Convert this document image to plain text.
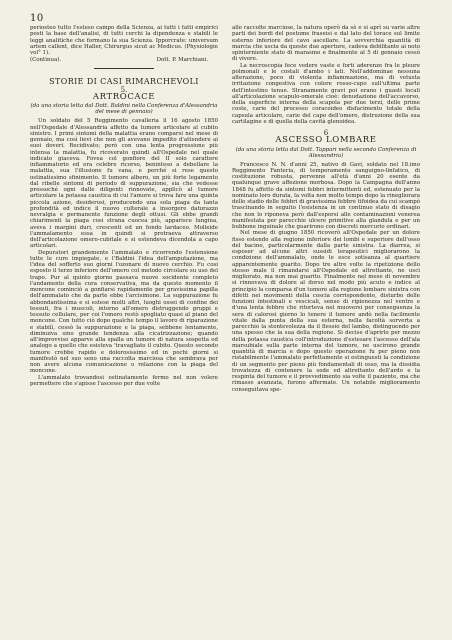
10

periosteo tutto l'esteso campo della Scienza, ai tutti i fatti empirici posti la base dell'analisi, di tutti cerchi la dipendenza e stabili le leggi analitiche che formano la sua Scienza. Ipporcrate: universum artem callent, dice Haller, Chirurgus sicut ac Medicus. (Physiologie vol° 1).

(Continua).	Dott. P. Marchiani.
STORIE DI CASI RIMARCHEVOLI
5.
ARTROCACE
(da una storia letta dal Dott. Baldini nella Conferenza d'Alessandria del mese di gennaio)

Un soldato del 5 Reggimento cavalleria il 16 agosto 1850 nell'Ospedale d'Alessandria affetto da tumore articolare al cubito sinistro. I primi sintomi della malattia erano comparsi nel mese di gennaio, ma così lievi che non gli avevano impedito d'attendere ai suoi doveri. Recidivato; però con una lenta progressione più intensa la malattia, fu ricoverato quindi all'Ospedale nel quale indicato giaceva. Fovea col gonfiore del II solo carattere infiammatorio ed era celebre ricorso, beninteso a debellare la malattia, sua l'illusione fu vana, e perché si rese questo ostinatissimo sfinimento. Il tumore albero, un più forte legamento dal ribelle sintomi di periodo di suppurazione, sia che vedesse pressoché ogni dalle diligenti rinnovate, applicò al tumore articolare la potassa caustica di cui l'amore si trova fare una quinta piccola azione, desiderosi, producendo una sola piaga da tanta profondità ed indice il nuovo culterale a insorgere daturazzo nevralgia e permanente funzione degli ottusi. Gli ebbe grandi chiarimenti la piaga cosi strana cuocea più, apparisce lungina, aveva i margini duri, crescenti ed un fondo lardaceo. Molleide l'ammalamento essa in quindi si protraeva attraverso dell'articolazione omero-cubitale e si estendeva dicendola a capo articolari.

Depuratori grandemente l'ammalato e ricorrendo l'estensione tutte le cure impiegate, e l'Baldini l'idea dell'amputazione, ma l'idea del sofferto suo giorni l'ozonare di nuovo cerchio. Fu cosi esposto il terzo inferiore dell'omero col metodo circolare su uso del trapo. Pur al quinto giorno passava nuove socidente completo l'andamento della cura conservativa, ma da questo momento il moncone cominciò a gonfiarsi rapidamente per gravissima papilla dell'ammalato che da parte ebbe l'arcisimone. La suppurazione fu abbondantissima e si estese molti altri, luoghi ossei di confine dei tessuti, fra i muscoli, intorno all'omero distruggendo gruppi e tessuto cellulare, per coi l'omero restò spogliato quasi al piano del moncone. Con tutto ciò dopo qualche tempo il lavoro di riparazione e stabilì, cessò la suppurazione e la piaga, sebbene lentamente, diminuiva sino grande tendenza alla cicatrizzazione; quando all'improvviso apparve alla spalla un tumore di natura sospetta ed analogo a quello che esisteva 'travagliato il cubito. Questo secondo tumore crebbe rapido e dolorosissimo ed in pochi giorni si manifestò nel suo seno una raccolta marciosa che sembrava per non avere alcuna comunicazione o relazione con la piaga del moncone.

L'ammalato trovandosi ostinatamente fermo nel non volere permettere che s'apisse l'ascesso per due volte

alle raccolte marciose, la natura operò da sè e si aprì su varie altre parti dei bordi del postume fraseisi e dal lato del torace sul limite esterno inferiore del cavo ascellare. La sovverchia quantità di marcia che uscia da queste due aperture, cadeva debilitante ai noto spinterniente stato di marasmo e finalmente al 5 di gennaio cessò di vivere.

La necroscopia fece vedere vaste e forti aderenze fra le pleure polmonali e le costali d'ambo i lati. Nell'addominae nessuna alterazione, poco di violenta infiammazione, ma di vetusta irritazione congestiva con colore rosso-cupo sull'ultima parte dell'intestino tenue. Stranamente gravi poi erano i guasti locali all'articolazione scapulo-omerale cioè: denudazione dell'accavorso, della superficie interna della scapola per due terzi, delle prime coste, carie del processo coracoideo disfacimento totale della capsula articolare, carie del capo dell'omero, distruzione della sua cartilagine e di quella della cavità glenoidea.

6
ASCESSO LOMBARE
(da una storia letta dal Dott. Tappari nella seconda Conferenza di Alessandria)

Francesco N. N. d'anni 25, nativo di Gavi, soldato nel 18.imo Reggimento Fanteria, di temperamento sanguigno-linfatico, di costituzione robusta, pervenne all'età d'anni 20 esente da qualunque grave affezione morbosa. Dopo la Campagna dell'anno 1848 fu affetto da sintomi febbri intermittenti ed, estenuato per la nominato loro durata, la volta non molto tempo dopo la rinegliorara dello stadio delle febbri di gravissima febbre tifoidea da cui scampò trascinando in seguito l'esistenza in un continuo stato di disagio che non lo riponeva però dall'esporsi alle contaminazioni venerea manifestata per parecchie ulcere primitive alla glandula e per un bubbone inguinale che guarirono con discreti mercurio ordinari.

Nel mese di giugno 1850 ricoverò all'Ospedale per un dolore fisso estendo alla regione inferiore dei lombi e superiore dell'osso del bacino, particolarmente dalla parte sinistra. La diarrea, si esposer ad alcune altri sussidi terapeutici migliorarono la condizione dell'ammalato, onde le esce sotisanza al quartiere apparentemente guarito. Dopo tre altre volte la ripetizione dello stesso male il rimandarsi all'Ospedale ed altrettante, ne usci migliorato, ma non mai guarito. Finalmente nel mese di novembre si rinnovava di dolore al dorso nel modo più acuto e indice al principio la comparsa d'un tumore alla regione lombare sinistra con difetti nei movimenti della coscia corrispondente, disturbo delle funzioni intestinali e vescicali, senso di ripienezza nel ventre e d'una lenta febbre che ritorteva nel muoversi per conseguenza la sera di calorosi giorno lo tenere il tumore andò nella facilmente vitale dalla punta della sua esterna, nella facoltà sorverta a parecchio la stentevolezza da il flessio del lambo, distinguendo per una spesso che la sua della regione. Si decise d'aprirlo per mezzo della potassa caustica coll'introduzione d'estesare l'ascesso dell'ala marsubiale sulla parte interna del tumore, ne uscirono grande quantità di marcia e dopo questo operazione fu per pieno non ristabilmente l'ammalato perfettamente si estinguesti la condizione di un segmento per pieno più fondamentali di osso, ma la dissidia trovatezza di contenere la sede ed altrettanto dell'ardo e la respinta del tumore e il provvedimento sia volte il paziente, ma che rimasse avanzata, furono affermate. Un notabile miglioramento conseguitava spe-
